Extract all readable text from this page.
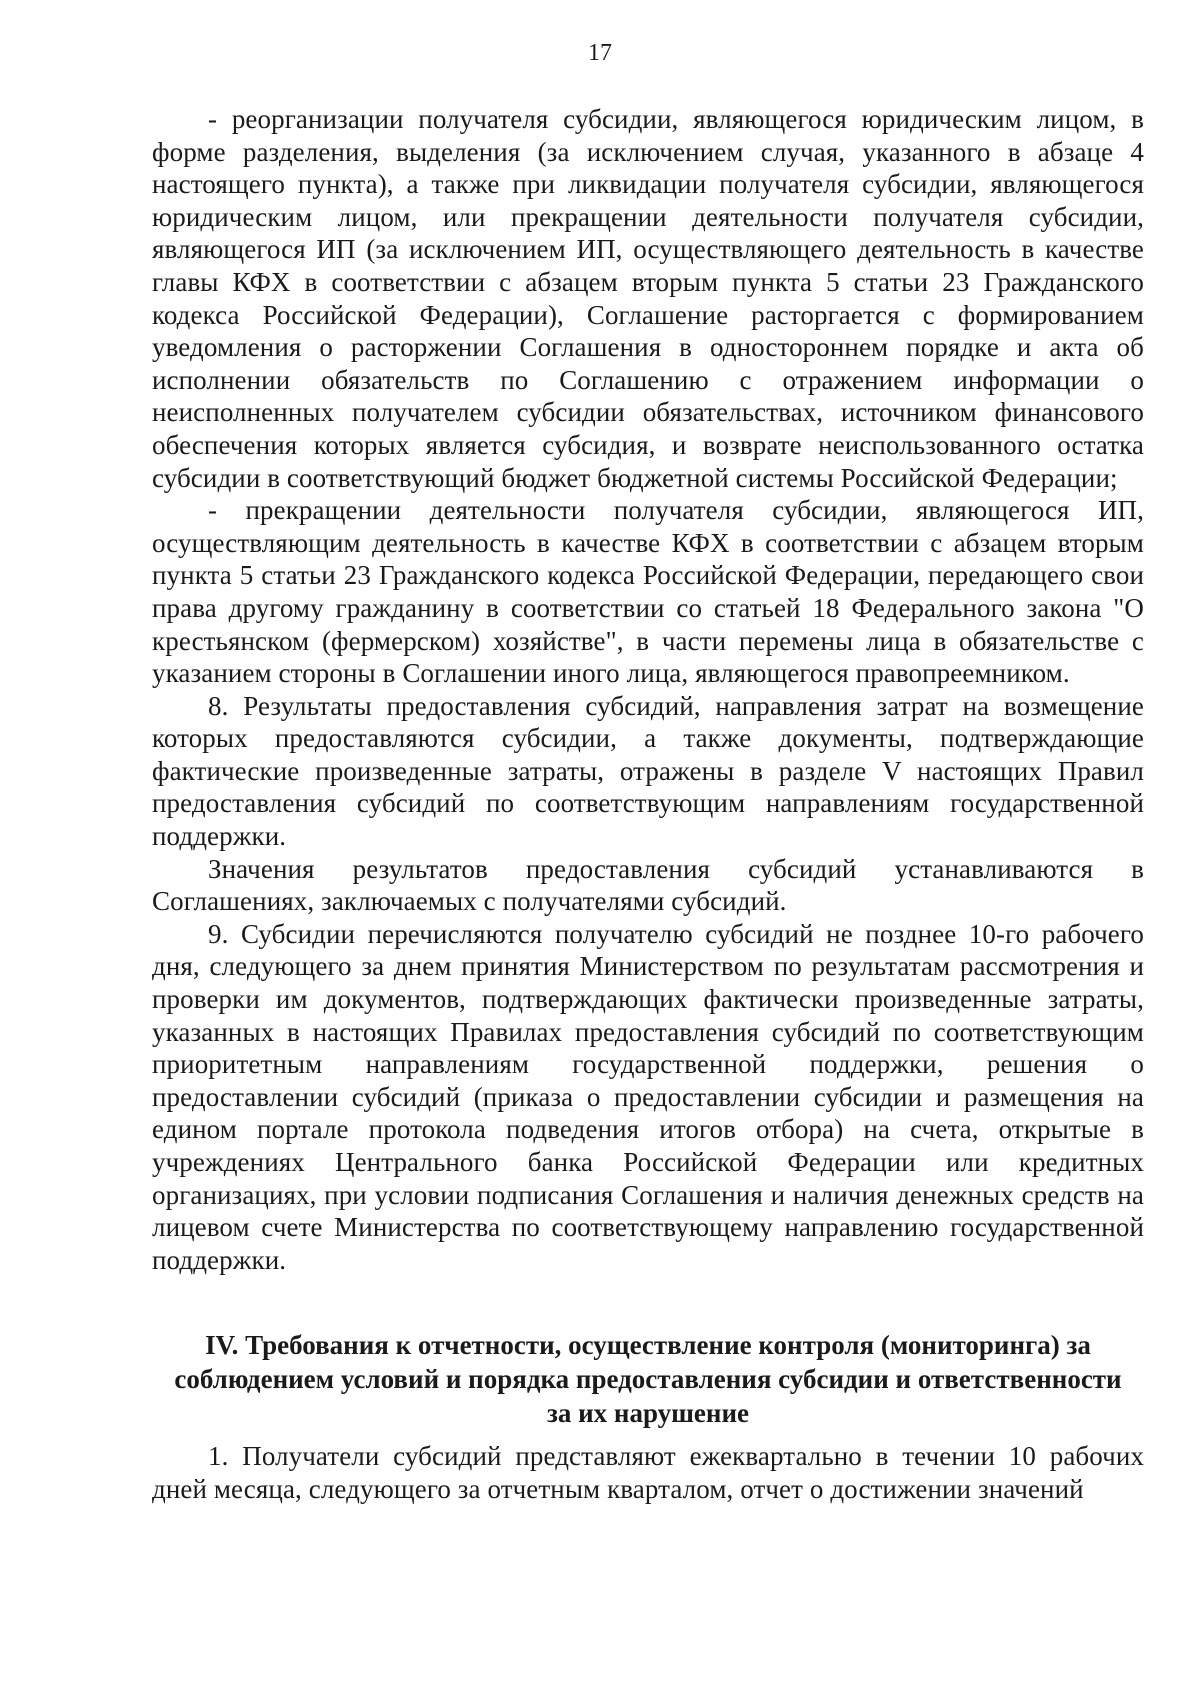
17

- реорганизации получателя субсидии, являющегося юридическим лицом, в форме разделения, выделения (за исключением случая, указанного в абзаце 4 настоящего пункта), а также при ликвидации получателя субсидии, являющегося юридическим лицом, или прекращении деятельности получателя субсидии, являющегося ИП (за исключением ИП, осуществляющего деятельность в качестве главы КФХ в соответствии с абзацем вторым пункта 5 статьи 23 Гражданского кодекса Российской Федерации), Соглашение расторгается с формированием уведомления о расторжении Соглашения в одностороннем порядке и акта об исполнении обязательств по Соглашению с отражением информации о неисполненных получателем субсидии обязательствах, источником финансового обеспечения которых является субсидия, и возврате неиспользованного остатка субсидии в соответствующий бюджет бюджетной системы Российской Федерации;

- прекращении деятельности получателя субсидии, являющегося ИП, осуществляющим деятельность в качестве КФХ в соответствии с абзацем вторым пункта 5 статьи 23 Гражданского кодекса Российской Федерации, передающего свои права другому гражданину в соответствии со статьей 18 Федерального закона "О крестьянском (фермерском) хозяйстве", в части перемены лица в обязательстве с указанием стороны в Соглашении иного лица, являющегося правопреемником.

8. Результаты предоставления субсидий, направления затрат на возмещение которых предоставляются субсидии, а также документы, подтверждающие фактические произведенные затраты, отражены в разделе V настоящих Правил предоставления субсидий по соответствующим направлениям государственной поддержки.

Значения результатов предоставления субсидий устанавливаются в Соглашениях, заключаемых с получателями субсидий.

9. Субсидии перечисляются получателю субсидий не позднее 10-го рабочего дня, следующего за днем принятия Министерством по результатам рассмотрения и проверки им документов, подтверждающих фактически произведенные затраты, указанных в настоящих Правилах предоставления субсидий по соответствующим приоритетным направлениям государственной поддержки, решения о предоставлении субсидий (приказа о предоставлении субсидии и размещения на едином портале протокола подведения итогов отбора) на счета, открытые в учреждениях Центрального банка Российской Федерации или кредитных организациях, при условии подписания Соглашения и наличия денежных средств на лицевом счете Министерства по соответствующему направлению государственной поддержки.

IV. Требования к отчетности, осуществление контроля (мониторинга) за
соблюдением условий и порядка предоставления субсидии и ответственности
за их нарушение

1. Получатели субсидий представляют ежеквартально в течении 10 рабочих дней месяца, следующего за отчетным кварталом, отчет о достижении значений
